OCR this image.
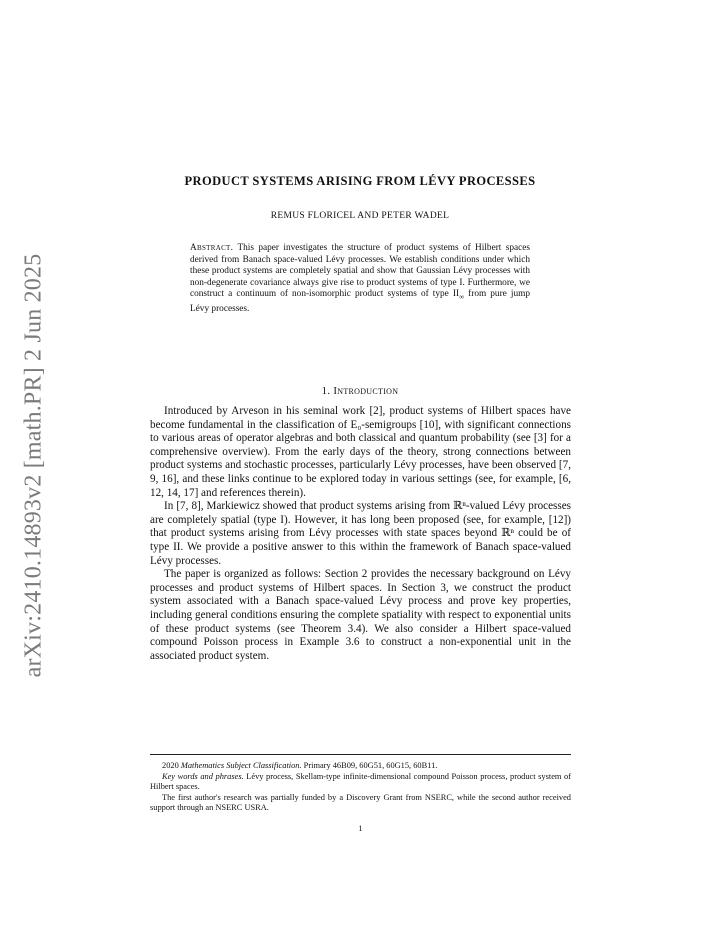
arXiv:2410.14893v2 [math.PR] 2 Jun 2025
PRODUCT SYSTEMS ARISING FROM LÉVY PROCESSES
REMUS FLORICEL AND PETER WADEL
Abstract. This paper investigates the structure of product systems of Hilbert spaces derived from Banach space-valued Lévy processes. We establish conditions under which these product systems are completely spatial and show that Gaussian Lévy processes with non-degenerate covariance always give rise to product systems of type I. Furthermore, we construct a continuum of non-isomorphic product systems of type $II_\infty$ from pure jump Lévy processes.
1. Introduction

Introduced by Arveson in his seminal work [2], product systems of Hilbert spaces have become fundamental in the classification of E₀-semigroups [10], with significant connections to various areas of operator algebras and both classical and quantum probability (see [3] for a comprehensive overview). From the early days of the theory, strong connections between product systems and stochastic processes, particularly Lévy processes, have been observed [7, 9, 16], and these links continue to be explored today in various settings (see, for example, [6, 12, 14, 17] and references therein).

In [7, 8], Markiewicz showed that product systems arising from ℝⁿ-valued Lévy processes are completely spatial (type I). However, it has long been proposed (see, for example, [12]) that product systems arising from Lévy processes with state spaces beyond ℝⁿ could be of type II. We provide a positive answer to this within the framework of Banach space-valued Lévy processes.

The paper is organized as follows: Section 2 provides the necessary background on Lévy processes and product systems of Hilbert spaces. In Section 3, we construct the product system associated with a Banach space-valued Lévy process and prove key properties, including general conditions ensuring the complete spatiality with respect to exponential units of these product systems (see Theorem 3.4). We also consider a Hilbert space-valued compound Poisson process in Example 3.6 to construct a non-exponential unit in the associated product system.

2020 Mathematics Subject Classification. Primary 46B09, 60G51, 60G15, 60B11.

Key words and phrases. Lévy process, Skellam-type infinite-dimensional compound Poisson process, product system of Hilbert spaces.

The first author's research was partially funded by a Discovery Grant from NSERC, while the second author received support through an NSERC USRA.

1
